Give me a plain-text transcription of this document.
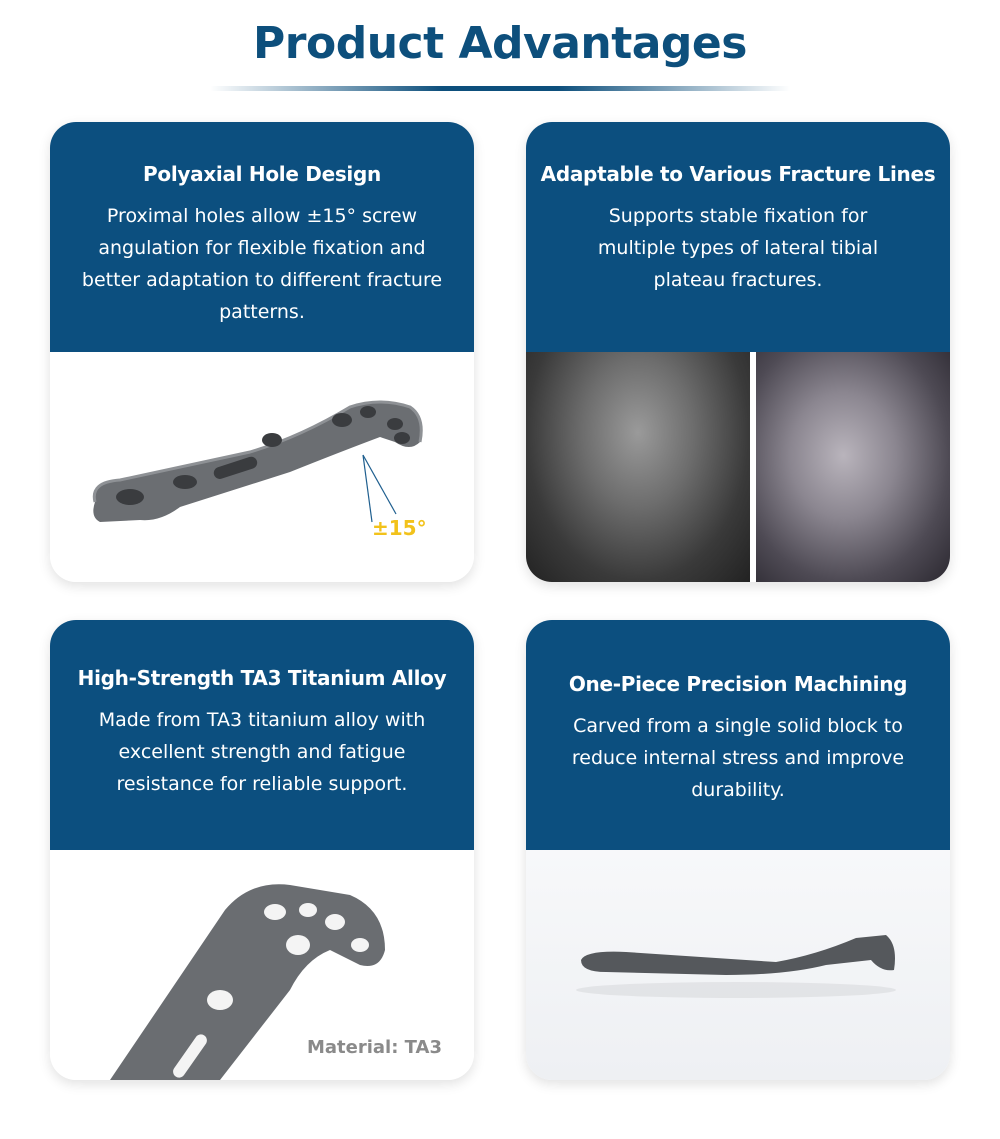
Product Advantages
Polyaxial Hole Design

Proximal holes allow ±15° screw angulation for flexible fixation and better adaptation to different fracture patterns.

±15°
Adaptable to Various Fracture Lines

Supports stable fixation for multiple types of lateral tibial plateau fractures.

High-Strength TA3 Titanium Alloy

Made from TA3 titanium alloy with excellent strength and fatigue resistance for reliable support.

Material: TA3
One-Piece Precision Machining

Carved from a single solid block to reduce internal stress and improve durability.
